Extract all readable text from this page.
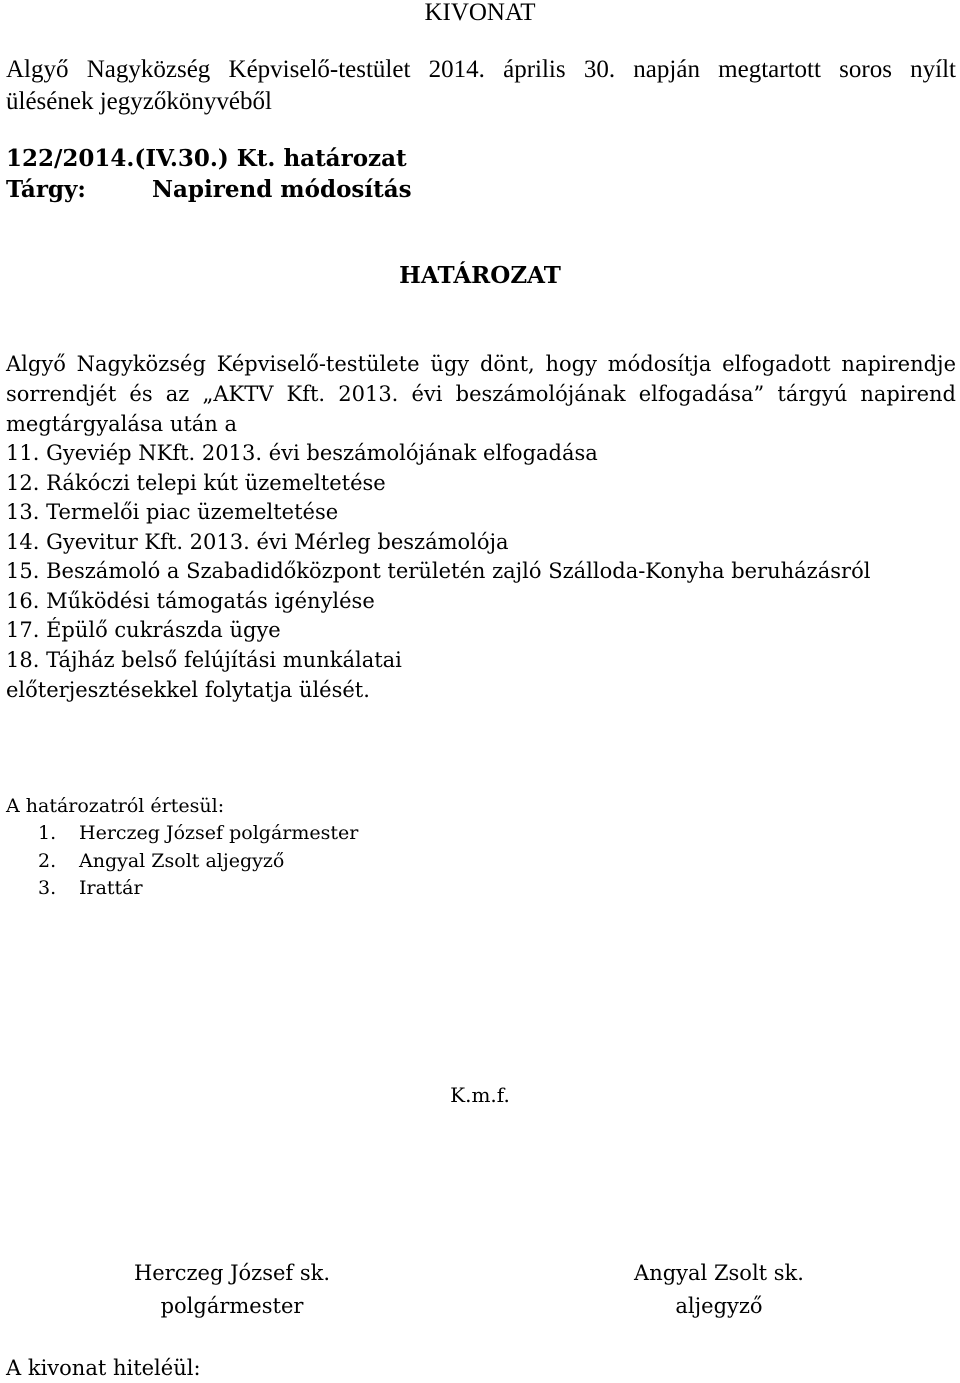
KIVONAT
Algyő Nagyközség Képviselő-testület 2014. április 30. napján megtartott soros nyílt
ülésének jegyzőkönyvéből
122/2014.(IV.30.) Kt. határozat
Tárgy:	Napirend módosítás
HATÁROZAT
Algyő Nagyközség Képviselő-testülete ügy dönt, hogy módosítja elfogadott napirendje
sorrendjét és az „AKTV Kft. 2013. évi beszámolójának elfogadása” tárgyú napirend
megtárgyalása után a
11. Gyeviép NKft. 2013. évi beszámolójának elfogadása
12. Rákóczi telepi kút üzemeltetése
13. Termelői piac üzemeltetése
14. Gyevitur Kft. 2013. évi Mérleg beszámolója
15. Beszámoló a Szabadidőközpont területén zajló Szálloda-Konyha beruházásról
16. Működési támogatás igénylése
17. Épülő cukrászda ügye
18. Tájház belső felújítási munkálatai
előterjesztésekkel folytatja ülését.
A határozatról értesül:
1. Herczeg József polgármester
2. Angyal Zsolt aljegyző
3. Irattár
K.m.f.
Herczeg József sk.
polgármester
Angyal Zsolt sk.
aljegyző
A kivonat hiteléül:
